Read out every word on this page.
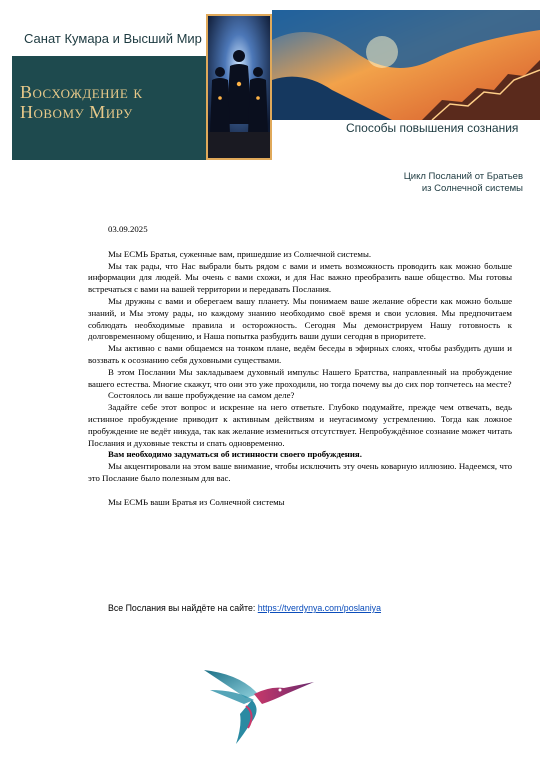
Санат Кумара и Высший Мир
Восхождение к Новому Миру
Способы повышения сознания
Цикл Посланий от Братьев
из Солнечной системы
03.09.2025

Мы ЕСМЬ Братья, суженные вам, пришедшие из Солнечной системы.

Мы так рады, что Нас выбрали быть рядом с вами и иметь возможность проводить как можно больше информации для людей. Мы очень с вами схожи, и для Нас важно преобразить ваше общество. Мы готовы встречаться с вами на вашей территории и передавать Послания.

Мы дружны с вами и оберегаем вашу планету. Мы понимаем ваше желание обрести как можно больше знаний, и Мы этому рады, но каждому знанию необходимо своё время и свои условия. Мы предпочитаем соблюдать необходимые правила и осторожность. Сегодня Мы демонстрируем Нашу готовность к долговременному общению, и Наша попытка разбудить ваши души сегодня в приоритете.

Мы активно с вами общаемся на тонком плане, ведём беседы в эфирных слоях, чтобы разбудить души и воззвать к осознанию себя духовными существами.

В этом Послании Мы закладываем духовный импульс Нашего Братства, направленный на пробуждение вашего естества. Многие скажут, что они это уже проходили, но тогда почему вы до сих пор топчетесь на месте?

Состоялось ли ваше пробуждение на самом деле?

Задайте себе этот вопрос и искренне на него ответьте. Глубоко подумайте, прежде чем отвечать, ведь истинное пробуждение приводит к активным действиям и неугасимому устремлению. Тогда как ложное пробуждение не ведёт никуда, так как желание измениться отсутствует. Непробуждённое сознание может читать Послания и духовные тексты и спать одновременно.

Вам необходимо задуматься об истинности своего пробуждения.

Мы акцентировали на этом ваше внимание, чтобы исключить эту очень коварную иллюзию. Надеемся, что это Послание было полезным для вас.

Мы ЕСМЬ ваши Братья из Солнечной системы

Все Послания вы найдёте на сайте: https://tverdynya.com/poslaniya
